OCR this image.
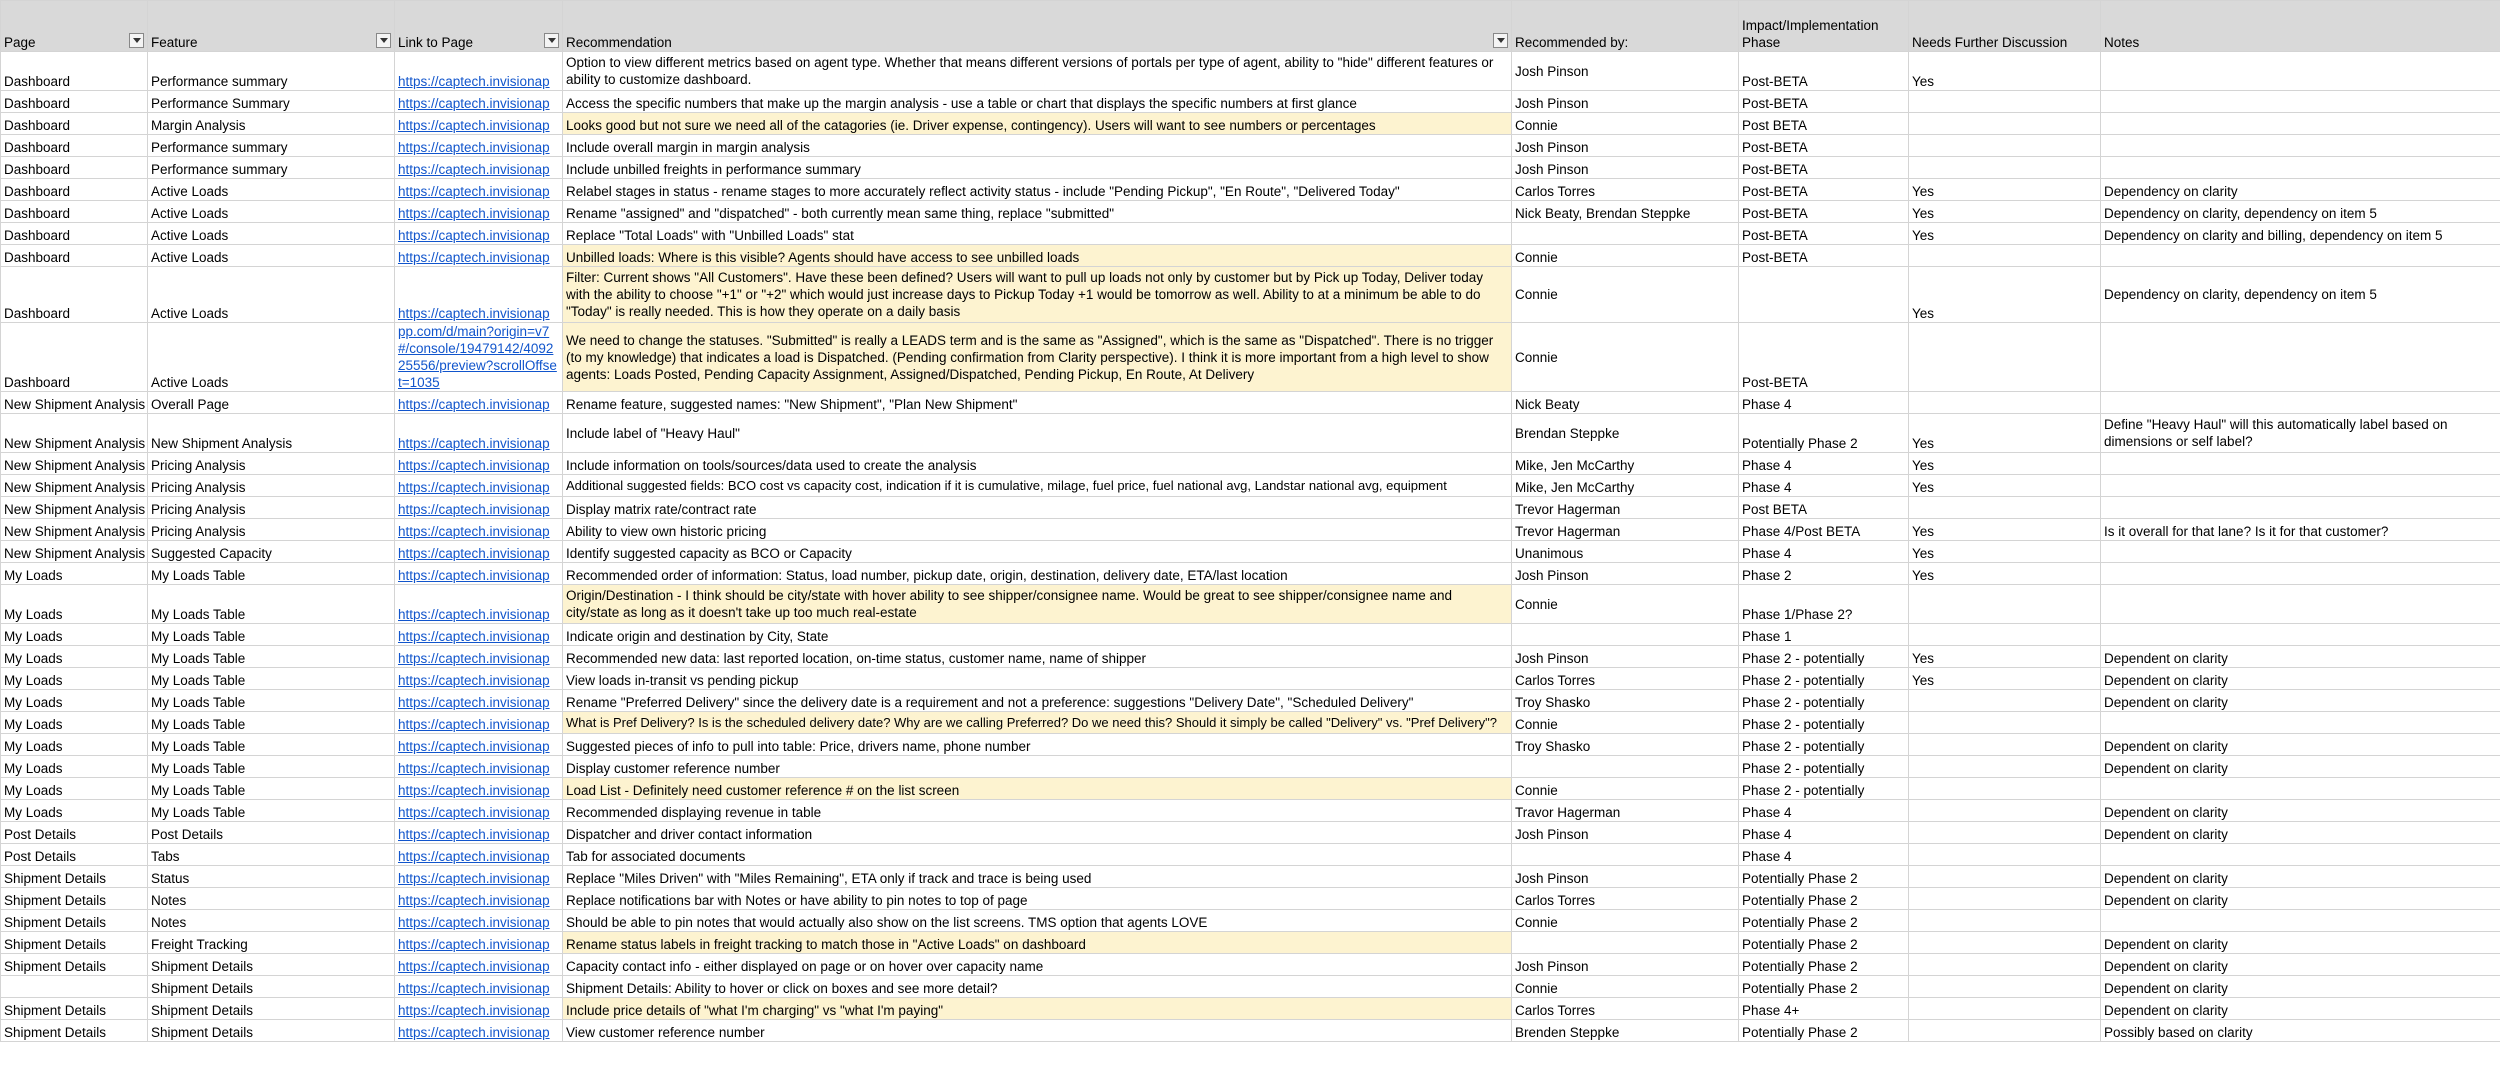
Page	Feature	Link to Page	Recommendation	Recommended by:	Impact/Implementation Phase	Needs Further Discussion	Notes
Dashboard	Performance summary	https://captech.invisionap	Option to view different metrics based on agent type. Whether that means different versions of portals per type of agent, ability to "hide" different features or ability to customize dashboard.	Josh Pinson	Post-BETA	Yes	
Dashboard	Performance Summary	https://captech.invisionap	Access the specific numbers that make up the margin analysis - use a table or chart that displays the specific numbers at first glance	Josh Pinson	Post-BETA		
Dashboard	Margin Analysis	https://captech.invisionap	Looks good but not sure we need all of the catagories (ie. Driver expense, contingency). Users will want to see numbers or percentages	Connie	Post BETA		
Dashboard	Performance summary	https://captech.invisionap	Include overall margin in margin analysis	Josh Pinson	Post-BETA		
Dashboard	Performance summary	https://captech.invisionap	Include unbilled freights in performance summary	Josh Pinson	Post-BETA		
Dashboard	Active Loads	https://captech.invisionap	Relabel stages in status - rename stages to more accurately reflect activity status - include "Pending Pickup", "En Route", "Delivered Today"	Carlos Torres	Post-BETA	Yes	Dependency on clarity
Dashboard	Active Loads	https://captech.invisionap	Rename "assigned" and "dispatched" - both currently mean same thing, replace "submitted"	Nick Beaty, Brendan Steppke	Post-BETA	Yes	Dependency on clarity, dependency on item 5
Dashboard	Active Loads	https://captech.invisionap	Replace "Total Loads" with "Unbilled Loads" stat		Post-BETA	Yes	Dependency on clarity and billing, dependency on item 5
Dashboard	Active Loads	https://captech.invisionap	Unbilled loads: Where is this visible? Agents should have access to see unbilled loads	Connie	Post-BETA		
Dashboard	Active Loads	https://captech.invisionap	Filter: Current shows "All Customers". Have these been defined? Users will want to pull up loads not only by customer but by Pick up Today, Deliver today with the ability to choose "+1" or "+2" which would just increase days to Pickup Today +1 would be tomorrow as well. Ability to at a minimum be able to do "Today" is really needed. This is how they operate on a daily basis	Connie		Yes	Dependency on clarity, dependency on item 5
Dashboard	Active Loads	pp.com/d/main?origin=v7#/console/19479142/409225556/preview?scrollOffset=1035	We need to change the statuses. "Submitted" is really a LEADS term and is the same as "Assigned", which is the same as "Dispatched". There is no trigger (to my knowledge) that indicates a load is Dispatched. (Pending confirmation from Clarity perspective). I think it is more important from a high level to show agents: Loads Posted, Pending Capacity Assignment, Assigned/Dispatched, Pending Pickup, En Route, At Delivery	Connie	Post-BETA		
New Shipment Analysis	Overall Page	https://captech.invisionap	Rename feature, suggested names: "New Shipment", "Plan New Shipment"	Nick Beaty	Phase 4		
New Shipment Analysis	New Shipment Analysis	https://captech.invisionap	Include label of "Heavy Haul"	Brendan Steppke	Potentially Phase 2	Yes	Define "Heavy Haul" will this automatically label based on dimensions or self label?
New Shipment Analysis	Pricing Analysis	https://captech.invisionap	Include information on tools/sources/data used to create the analysis	Mike, Jen McCarthy	Phase 4	Yes	
New Shipment Analysis	Pricing Analysis	https://captech.invisionap	Additional suggested fields: BCO cost vs capacity cost, indication if it is cumulative, milage, fuel price, fuel national avg, Landstar national avg, equipment	Mike, Jen McCarthy	Phase 4	Yes	
New Shipment Analysis	Pricing Analysis	https://captech.invisionap	Display matrix rate/contract rate	Trevor Hagerman	Post BETA		
New Shipment Analysis	Pricing Analysis	https://captech.invisionap	Ability to view own historic pricing	Trevor Hagerman	Phase 4/Post BETA	Yes	Is it overall for that lane? Is it for that customer?
New Shipment Analysis	Suggested Capacity	https://captech.invisionap	Identify suggested capacity as BCO or Capacity	Unanimous	Phase 4	Yes	
My Loads	My Loads Table	https://captech.invisionap	Recommended order of information: Status, load number, pickup date, origin, destination, delivery date, ETA/last location	Josh Pinson	Phase 2	Yes	
My Loads	My Loads Table	https://captech.invisionap	Origin/Destination - I think should be city/state with hover ability to see shipper/consignee name. Would be great to see shipper/consignee name and city/state as long as it doesn't take up too much real-estate	Connie	Phase 1/Phase 2?		
My Loads	My Loads Table	https://captech.invisionap	Indicate origin and destination by City, State		Phase 1		
My Loads	My Loads Table	https://captech.invisionap	Recommended new data: last reported location, on-time status, customer name, name of shipper	Josh Pinson	Phase 2 - potentially	Yes	Dependent on clarity
My Loads	My Loads Table	https://captech.invisionap	View loads in-transit vs pending pickup	Carlos Torres	Phase 2 - potentially	Yes	Dependent on clarity
My Loads	My Loads Table	https://captech.invisionap	Rename "Preferred Delivery" since the delivery date is a requirement and not a preference: suggestions "Delivery Date", "Scheduled Delivery"	Troy Shasko	Phase 2 - potentially		Dependent on clarity
My Loads	My Loads Table	https://captech.invisionap	What is Pref Delivery? Is is the scheduled delivery date? Why are we calling Preferred? Do we need this? Should it simply be called "Delivery" vs. "Pref Delivery"?	Connie	Phase 2 - potentially		
My Loads	My Loads Table	https://captech.invisionap	Suggested pieces of info to pull into table: Price, drivers name, phone number	Troy Shasko	Phase 2 - potentially		Dependent on clarity
My Loads	My Loads Table	https://captech.invisionap	Display customer reference number		Phase 2 - potentially		Dependent on clarity
My Loads	My Loads Table	https://captech.invisionap	Load List - Definitely need customer reference # on the list screen	Connie	Phase 2 - potentially		
My Loads	My Loads Table	https://captech.invisionap	Recommended displaying revenue in table	Travor Hagerman	Phase 4		Dependent on clarity
Post Details	Post Details	https://captech.invisionap	Dispatcher and driver contact information	Josh Pinson	Phase 4		Dependent on clarity
Post Details	Tabs	https://captech.invisionap	Tab for associated documents		Phase 4		
Shipment Details	Status	https://captech.invisionap	Replace "Miles Driven" with "Miles Remaining", ETA only if track and trace is being used	Josh Pinson	Potentially Phase 2		Dependent on clarity
Shipment Details	Notes	https://captech.invisionap	Replace notifications bar with Notes or have ability to pin notes to top of page	Carlos Torres	Potentially Phase 2		Dependent on clarity
Shipment Details	Notes	https://captech.invisionap	Should be able to pin notes that would actually also show on the list screens. TMS option that agents LOVE	Connie	Potentially Phase 2		
Shipment Details	Freight Tracking	https://captech.invisionap	Rename status labels in freight tracking to match those in "Active Loads" on dashboard		Potentially Phase 2		Dependent on clarity
Shipment Details	Shipment Details	https://captech.invisionap	Capacity contact info - either displayed on page or on hover over capacity name	Josh Pinson	Potentially Phase 2		Dependent on clarity
	Shipment Details	https://captech.invisionap	Shipment Details: Ability to hover or click on boxes and see more detail?	Connie	Potentially Phase 2		Dependent on clarity
Shipment Details	Shipment Details	https://captech.invisionap	Include price details of "what I'm charging" vs "what I'm paying"	Carlos Torres	Phase 4+		Dependent on clarity
Shipment Details	Shipment Details	https://captech.invisionap	View customer reference number	Brenden Steppke	Potentially Phase 2		Possibly based on clarity
